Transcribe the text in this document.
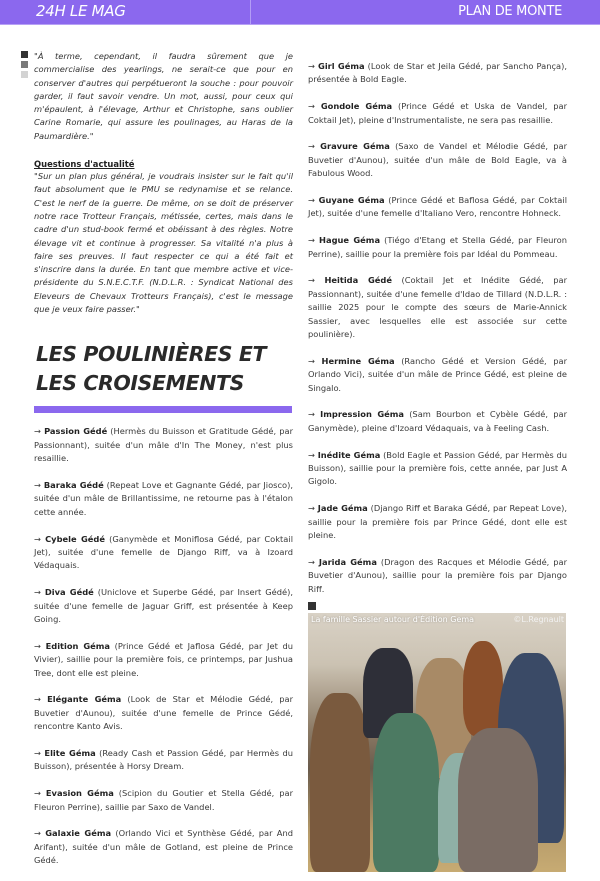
24H LE MAG	PLAN DE MONTE

"À terme, cependant, il faudra sûrement que je commercialise des yearlings, ne serait-ce que pour en conserver d'autres qui perpétueront la souche : pour pouvoir garder, il faut savoir vendre. Un mot, aussi, pour ceux qui m'épaulent, à l'élevage, Arthur et Christophe, sans oublier Carine Romarie, qui assure les poulinages, au Haras de la Paumardière."

Questions d'actualité

"Sur un plan plus général, je voudrais insister sur le fait qu'il faut absolument que le PMU se redynamise et se relance. C'est le nerf de la guerre. De même, on se doit de préserver notre race Trotteur Français, métissée, certes, mais dans le cadre d'un stud-book fermé et obéissant à des règles. Notre élevage vit et continue à progresser. Sa vitalité n'a plus à faire ses preuves. Il faut respecter ce qui a été fait et s'inscrire dans la durée. En tant que membre active et vice-présidente du S.N.E.C.T.F. (N.D.L.R. : Syndicat National des Eleveurs de Chevaux Trotteurs Français), c'est le message que je veux faire passer."

LES POULINIÈRES ET LES CROISEMENTS

→ Passion Gédé (Hermès du Buisson et Gratitude Gédé, par Passionnant), suitée d'un mâle d'In The Money, n'est plus resaillie.

→ Baraka Gédé (Repeat Love et Gagnante Gédé, par Jiosco), suitée d'un mâle de Brillantissime, ne retourne pas à l'étalon cette année.

→ Cybele Gédé (Ganymède et Moniflosa Gédé, par Coktail Jet), suitée d'une femelle de Django Riff, va à Izoard Védaquais.

→ Diva Gédé (Uniclove et Superbe Gédé, par Insert Gédé), suitée d'une femelle de Jaguar Griff, est présentée à Keep Going.

→ Edition Géma (Prince Gédé et Jaflosa Gédé, par Jet du Vivier), saillie pour la première fois, ce printemps, par Jushua Tree, dont elle est pleine.

→ Elégante Géma (Look de Star et Mélodie Gédé, par Buvetier d'Aunou), suitée d'une femelle de Prince Gédé, rencontre Kanto Avis.

→ Elite Géma (Ready Cash et Passion Gédé, par Hermès du Buisson), présentée à Horsy Dream.

→ Evasion Géma (Scipion du Goutier et Stella Gédé, par Fleuron Perrine), saillie par Saxo de Vandel.

→ Galaxie Géma (Orlando Vici et Synthèse Gédé, par And Arifant), suitée d'un mâle de Gotland, est pleine de Prince Gédé.

→ Girl Géma (Look de Star et Jeila Gédé, par Sancho Pança), présentée à Bold Eagle.

→ Gondole Géma (Prince Gédé et Uska de Vandel, par Coktail Jet), pleine d'Instrumentaliste, ne sera pas resaillie.

→ Gravure Géma (Saxo de Vandel et Mélodie Gédé, par Buvetier d'Aunou), suitée d'un mâle de Bold Eagle, va à Fabulous Wood.

→ Guyane Géma (Prince Gédé et Baflosa Gédé, par Coktail Jet), suitée d'une femelle d'Italiano Vero, rencontre Hohneck.

→ Hague Géma (Tiégo d'Etang et Stella Gédé, par Fleuron Perrine), saillie pour la première fois par Idéal du Pommeau.

→ Heitida Gédé (Coktail Jet et Inédite Gédé, par Passionnant), suitée d'une femelle d'Idao de Tillard (N.D.L.R. : saillie 2025 pour le compte des sœurs de Marie-Annick Sassier, avec lesquelles elle est associée sur cette poulinière).

→ Hermine Géma (Rancho Gédé et Version Gédé, par Orlando Vici), suitée d'un mâle de Prince Gédé, est pleine de Singalo.

→ Impression Géma (Sam Bourbon et Cybèle Gédé, par Ganymède), pleine d'Izoard Védaquais, va à Feeling Cash.

→ Inédite Géma (Bold Eagle et Passion Gédé, par Hermès du Buisson), saillie pour la première fois, cette année, par Just A Gigolo.

→ Jade Géma (Django Riff et Baraka Gédé, par Repeat Love), saillie pour la première fois par Prince Gédé, dont elle est pleine.

→ Jarida Géma (Dragon des Racques et Mélodie Gédé, par Buvetier d'Aunou), saillie pour la première fois par Django Riff.

La famille Sassier autour d'Édition Gema	©L.Regnault
